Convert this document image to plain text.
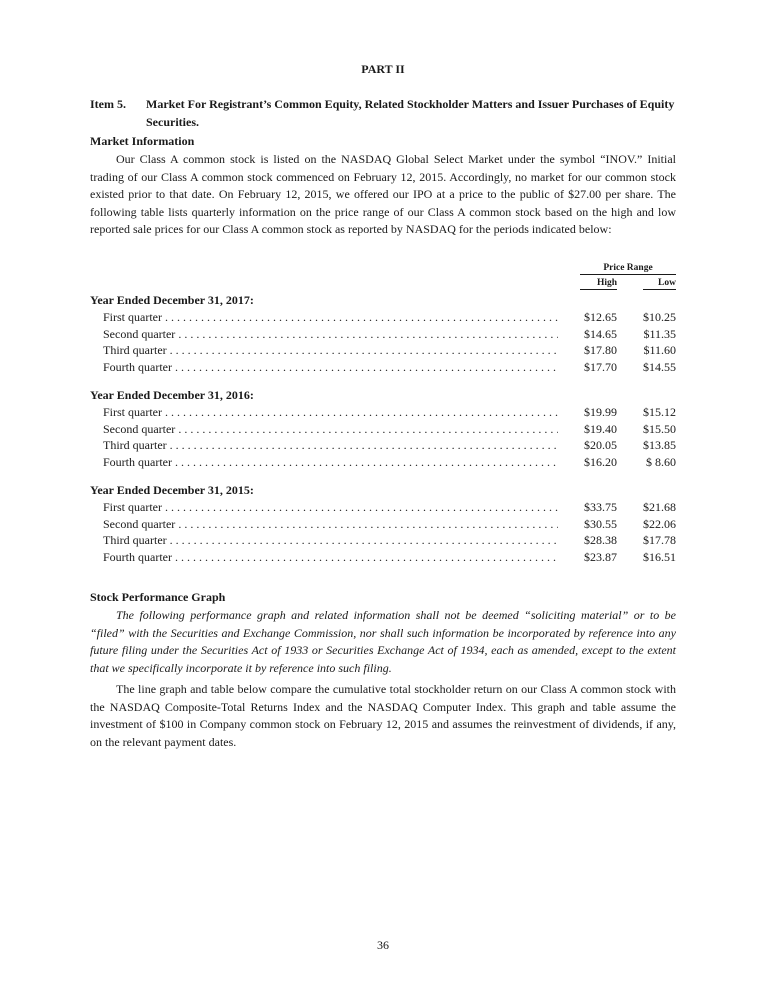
PART II
Item 5. Market For Registrant’s Common Equity, Related Stockholder Matters and Issuer Purchases of Equity Securities.
Market Information
Our Class A common stock is listed on the NASDAQ Global Select Market under the symbol “INOV.” Initial trading of our Class A common stock commenced on February 12, 2015. Accordingly, no market for our common stock existed prior to that date. On February 12, 2015, we offered our IPO at a price to the public of $27.00 per share. The following table lists quarterly information on the price range of our Class A common stock based on the high and low reported sale prices for our Class A common stock as reported by NASDAQ for the periods indicated below:
Price Range
High	Low
Year Ended December 31, 2017:
First quarter . . .	$12.65 $10.25
Second quarter . . .	$14.65 $11.35
Third quarter . . .	$17.80 $11.60
Fourth quarter . . .	$17.70 $14.55
Year Ended December 31, 2016:
First quarter . . .	$19.99 $15.12
Second quarter . . .	$19.40 $15.50
Third quarter . . .	$20.05 $13.85
Fourth quarter . . .	$16.20 $ 8.60
Year Ended December 31, 2015:
First quarter . . .	$33.75 $21.68
Second quarter . . .	$30.55 $22.06
Third quarter . . .	$28.38 $17.78
Fourth quarter . . .	$23.87 $16.51
Stock Performance Graph
The following performance graph and related information shall not be deemed “soliciting material” or to be “filed” with the Securities and Exchange Commission, nor shall such information be incorporated by reference into any future filing under the Securities Act of 1933 or Securities Exchange Act of 1934, each as amended, except to the extent that we specifically incorporate it by reference into such filing.
The line graph and table below compare the cumulative total stockholder return on our Class A common stock with the NASDAQ Composite-Total Returns Index and the NASDAQ Computer Index. This graph and table assume the investment of $100 in Company common stock on February 12, 2015 and assumes the reinvestment of dividends, if any, on the relevant payment dates.
36
